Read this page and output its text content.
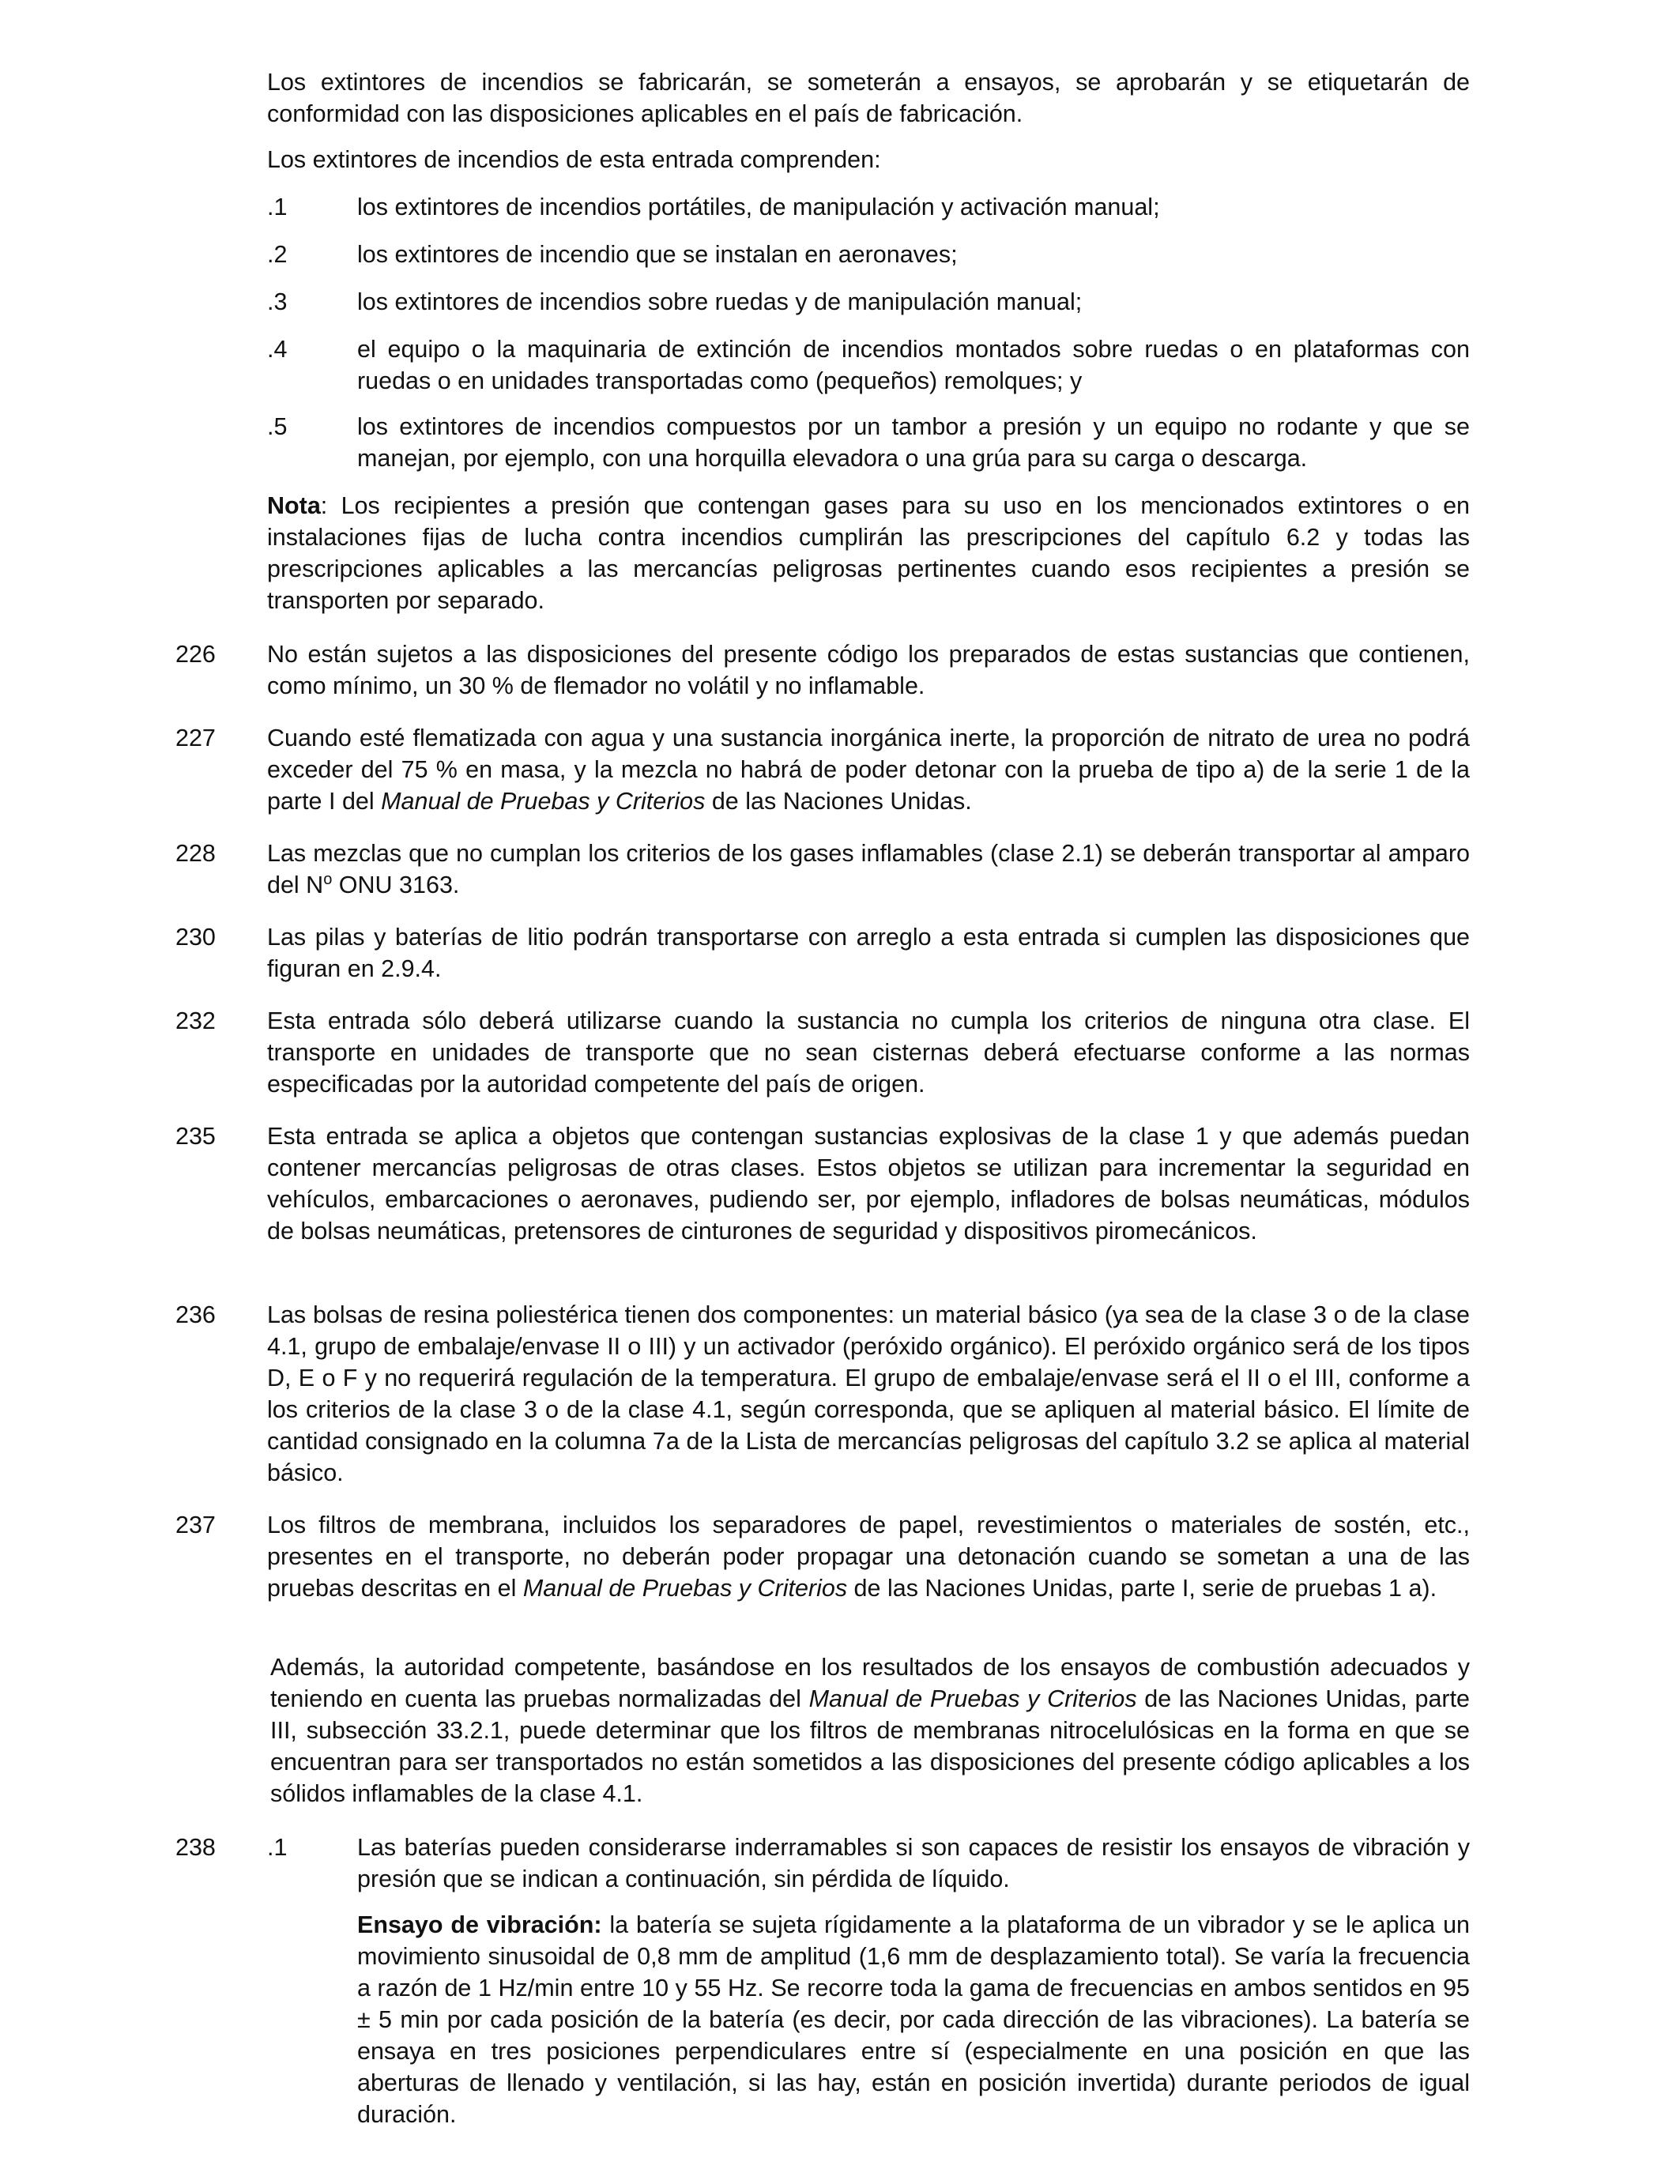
Los extintores de incendios se fabricarán, se someterán a ensayos, se aprobarán y se etiquetarán de conformidad con las disposiciones aplicables en el país de fabricación.
Los extintores de incendios de esta entrada comprenden:
.1	los extintores de incendios portátiles, de manipulación y activación manual;
.2	los extintores de incendio que se instalan en aeronaves;
.3	los extintores de incendios sobre ruedas y de manipulación manual;
.4	el equipo o la maquinaria de extinción de incendios montados sobre ruedas o en plataformas con ruedas o en unidades transportadas como (pequeños) remolques; y
.5	los extintores de incendios compuestos por un tambor a presión y un equipo no rodante y que se manejan, por ejemplo, con una horquilla elevadora o una grúa para su carga o descarga.
Nota: Los recipientes a presión que contengan gases para su uso en los mencionados extintores o en instalaciones fijas de lucha contra incendios cumplirán las prescripciones del capítulo 6.2 y todas las prescripciones aplicables a las mercancías peligrosas pertinentes cuando esos recipientes a presión se transporten por separado.
226	No están sujetos a las disposiciones del presente código los preparados de estas sustancias que contienen, como mínimo, un 30 % de flemador no volátil y no inflamable.
227	Cuando esté flematizada con agua y una sustancia inorgánica inerte, la proporción de nitrato de urea no podrá exceder del 75 % en masa, y la mezcla no habrá de poder detonar con la prueba de tipo a) de la serie 1 de la parte I del Manual de Pruebas y Criterios de las Naciones Unidas.
228	Las mezclas que no cumplan los criterios de los gases inflamables (clase 2.1) se deberán transportar al amparo del $N^o$ ONU 3163.
230	Las pilas y baterías de litio podrán transportarse con arreglo a esta entrada si cumplen las disposiciones que figuran en 2.9.4.
232	Esta entrada sólo deberá utilizarse cuando la sustancia no cumpla los criterios de ninguna otra clase. El transporte en unidades de transporte que no sean cisternas deberá efectuarse conforme a las normas especificadas por la autoridad competente del país de origen.
235	Esta entrada se aplica a objetos que contengan sustancias explosivas de la clase 1 y que además puedan contener mercancías peligrosas de otras clases. Estos objetos se utilizan para incrementar la seguridad en vehículos, embarcaciones o aeronaves, pudiendo ser, por ejemplo, infladores de bolsas neumáticas, módulos de bolsas neumáticas, pretensores de cinturones de seguridad y dispositivos piromecánicos.
236	Las bolsas de resina poliestérica tienen dos componentes: un material básico (ya sea de la clase 3 o de la clase 4.1, grupo de embalaje/envase II o III) y un activador (peróxido orgánico). El peróxido orgánico será de los tipos D, E o F y no requerirá regulación de la temperatura. El grupo de embalaje/envase será el II o el III, conforme a los criterios de la clase 3 o de la clase 4.1, según corresponda, que se apliquen al material básico. El límite de cantidad consignado en la columna 7a de la Lista de mercancías peligrosas del capítulo 3.2 se aplica al material básico.
237	Los filtros de membrana, incluidos los separadores de papel, revestimientos o materiales de sostén, etc., presentes en el transporte, no deberán poder propagar una detonación cuando se sometan a una de las pruebas descritas en el Manual de Pruebas y Criterios de las Naciones Unidas, parte I, serie de pruebas 1 a).
Además, la autoridad competente, basándose en los resultados de los ensayos de combustión adecuados y teniendo en cuenta las pruebas normalizadas del Manual de Pruebas y Criterios de las Naciones Unidas, parte III, subsección 33.2.1, puede determinar que los filtros de membranas nitrocelulósicas en la forma en que se encuentran para ser transportados no están sometidos a las disposiciones del presente código aplicables a los sólidos inflamables de la clase 4.1.
238	.1	Las baterías pueden considerarse inderramables si son capaces de resistir los ensayos de vibración y presión que se indican a continuación, sin pérdida de líquido.
Ensayo de vibración: la batería se sujeta rígidamente a la plataforma de un vibrador y se le aplica un movimiento sinusoidal de 0,8 mm de amplitud (1,6 mm de desplazamiento total). Se varía la frecuencia a razón de 1 Hz/min entre 10 y 55 Hz. Se recorre toda la gama de frecuencias en ambos sentidos en 95 ± 5 min por cada posición de la batería (es decir, por cada dirección de las vibraciones). La batería se ensaya en tres posiciones perpendiculares entre sí (especialmente en una posición en que las aberturas de llenado y ventilación, si las hay, están en posición invertida) durante periodos de igual duración.
